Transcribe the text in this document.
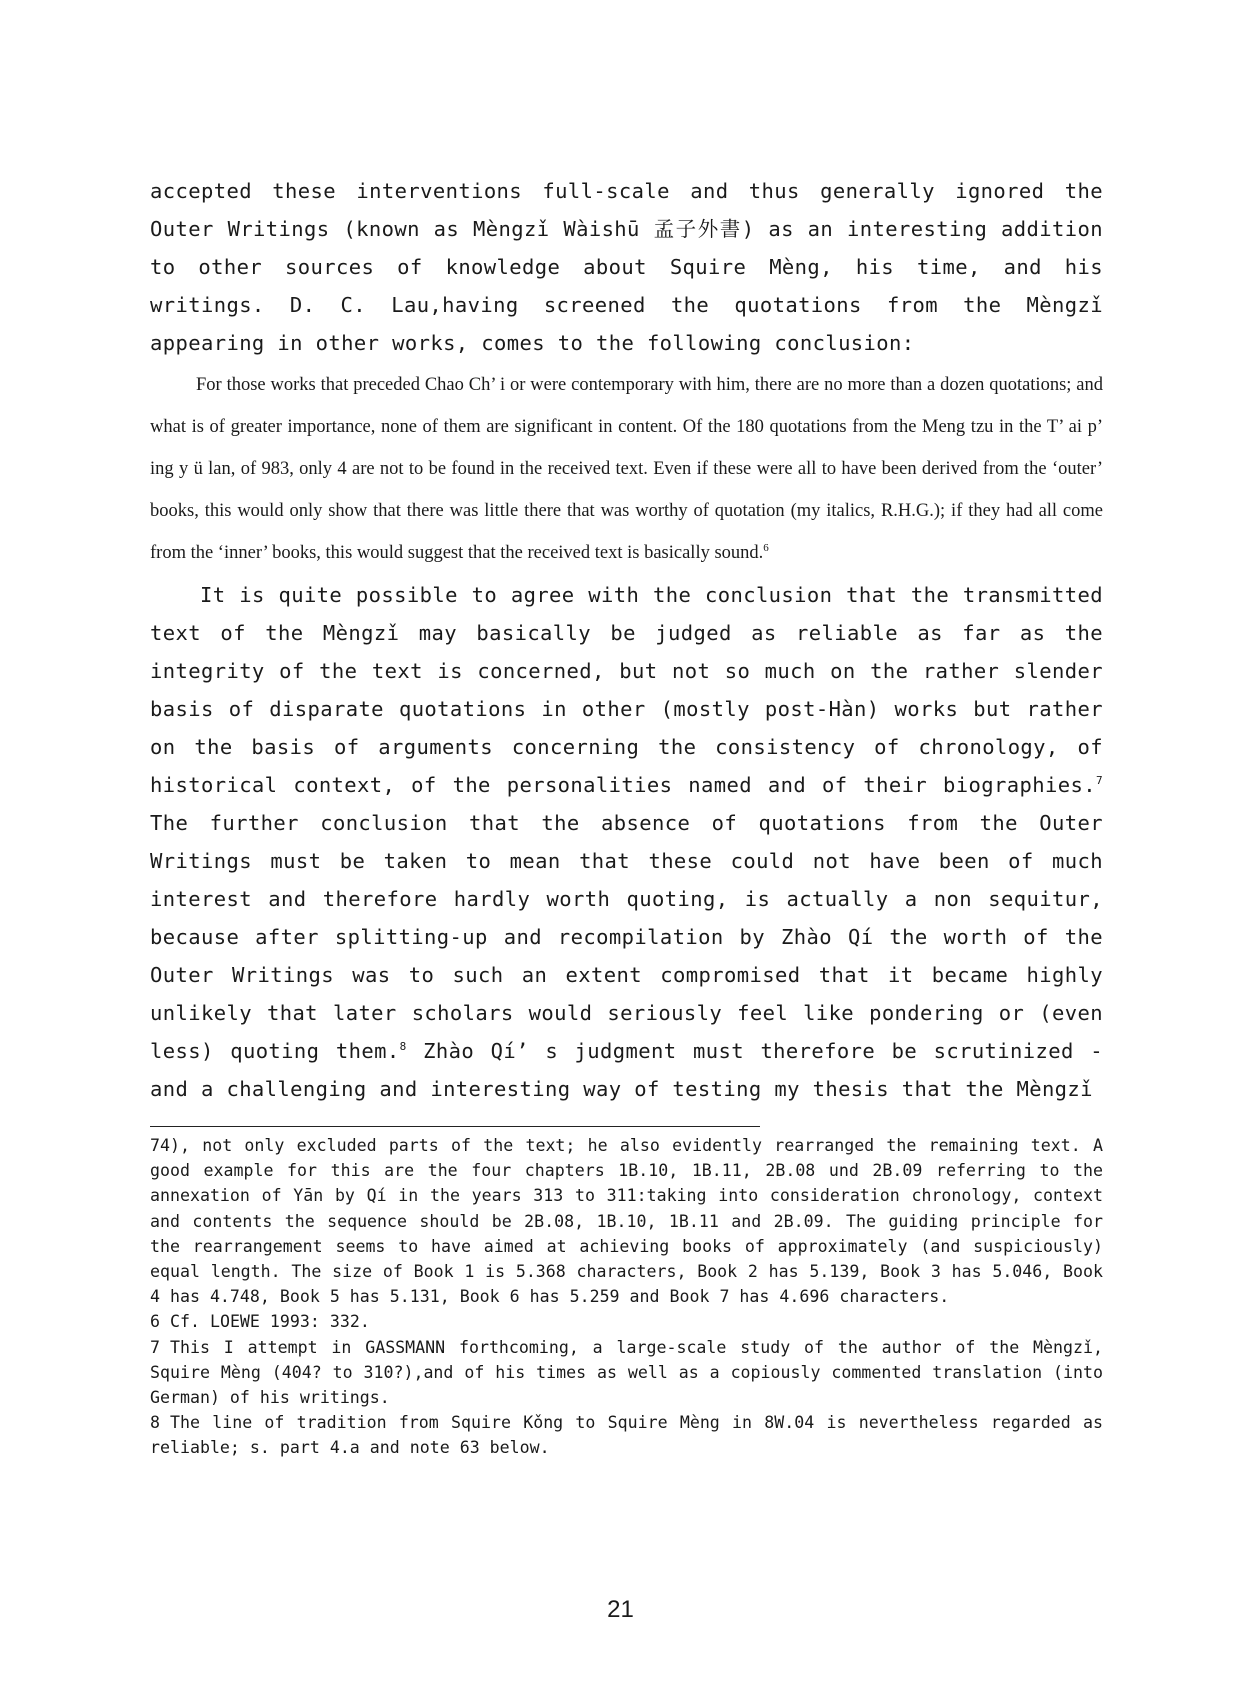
accepted these interventions full-scale and thus generally ignored the Outer Writings (known as Mèngzǐ Wàishū 孟子外書) as an interesting addition to other sources of knowledge about Squire Mèng, his time, and his writings. D. C. Lau,having screened the quotations from the Mèngzǐ appearing in other works, comes to the following conclusion:

For those works that preceded Chao Ch’ i or were contemporary with him, there are no more than a dozen quotations; and what is of greater importance, none of them are significant in content. Of the 180 quotations from the Meng tzu in the T’ ai p’ ing y ü lan, of 983, only 4 are not to be found in the received text. Even if these were all to have been derived from the ‘outer’ books, this would only show that there was little there that was worthy of quotation (my italics, R.H.G.); if they had all come from the ‘inner’ books, this would suggest that the received text is basically sound.$^6$

It is quite possible to agree with the conclusion that the transmitted text of the Mèngzǐ may basically be judged as reliable as far as the integrity of the text is concerned, but not so much on the rather slender basis of disparate quotations in other (mostly post-Hàn) works but rather on the basis of arguments concerning the consistency of chronology, of historical context, of the personalities named and of their biographies.$^7$ The further conclusion that the absence of quotations from the Outer Writings must be taken to mean that these could not have been of much interest and therefore hardly worth quoting, is actually a non sequitur, because after splitting-up and recompilation by Zhào Qí the worth of the Outer Writings was to such an extent compromised that it became highly unlikely that later scholars would seriously feel like pondering or (even less) quoting them.$^8$ Zhào Qí’ s judgment must therefore be scrutinized - and a challenging and interesting way of testing my thesis that the Mèngzǐ

74), not only excluded parts of the text; he also evidently rearranged the remaining text. A good example for this are the four chapters 1B.10, 1B.11, 2B.08 und 2B.09 referring to the annexation of Yān by Qí in the years 313 to 311:taking into consideration chronology, context and contents the sequence should be 2B.08, 1B.10, 1B.11 and 2B.09. The guiding principle for the rearrangement seems to have aimed at achieving books of approximately (and suspiciously) equal length. The size of Book 1 is 5.368 characters, Book 2 has 5.139, Book 3 has 5.046, Book 4 has 4.748, Book 5 has 5.131, Book 6 has 5.259 and Book 7 has 4.696 characters.

6 Cf. LOEWE 1993: 332.

7 This I attempt in GASSMANN forthcoming, a large-scale study of the author of the Mèngzǐ, Squire Mèng (404? to 310?),and of his times as well as a copiously commented translation (into German) of his writings.

8 The line of tradition from Squire Kǒng to Squire Mèng in 8W.04 is nevertheless regarded as reliable; s. part 4.a and note 63 below.

21
